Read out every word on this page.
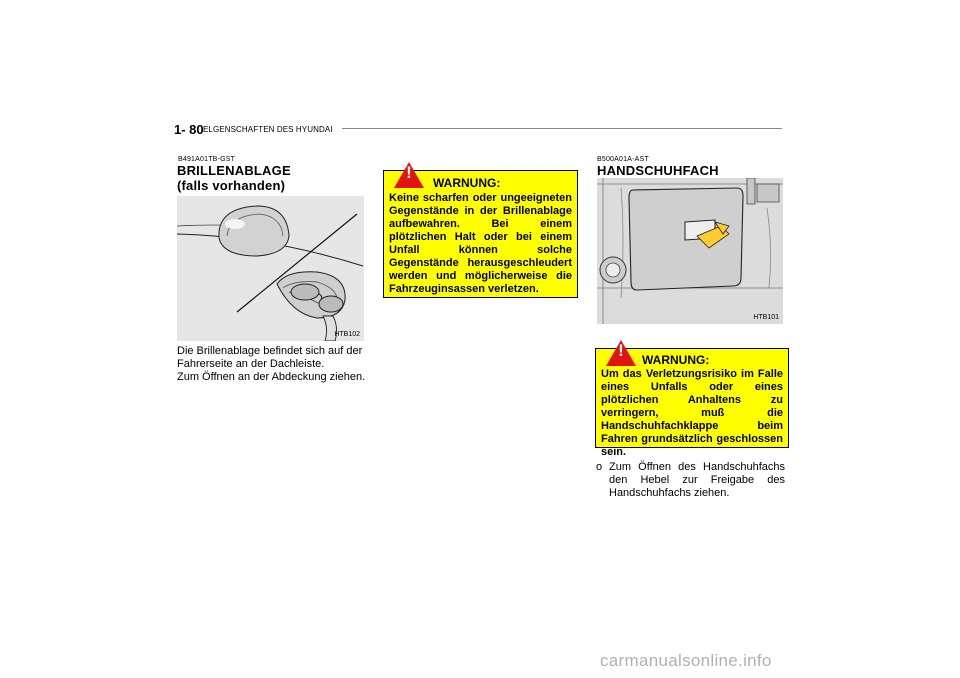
1- 80 ELGENSCHAFTEN DES HYUNDAI
B491A01TB-GST
BRILLENABLAGE
(falls vorhanden)
HTB102
Die Brillenablage befindet sich auf der
Fahrerseite an der Dachleiste.
Zum Öffnen an der Abdeckung ziehen.
!
WARNUNG:
Keine scharfen oder ungeeigneten Gegenstände in der Brillenablage aufbewahren. Bei einem plötzlichen Halt oder bei einem Unfall können solche Gegenstände herausgeschleudert werden und möglicherweise die Fahrzeuginsassen verletzen.
B500A01A-AST
HANDSCHUHFACH
HTB101
!	WARNUNG:
Um das Verletzungsrisiko im Falle eines Unfalls oder eines plötzlichen Anhaltens zu verringern, muß die Handschuhfachklappe beim Fahren grundsätzlich geschlossen sein.
o Zum Öffnen des Handschuhfachs den Hebel zur Freigabe des Handschuhfachs ziehen.
carmanualsonline.info
